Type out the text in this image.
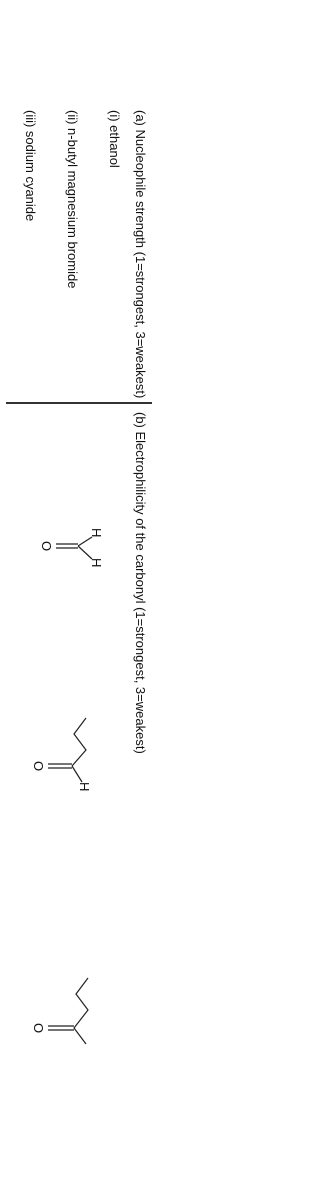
(a) Nucleophile strength (1=strongest, 3=weakest)
(i) ethanol
(ii) n-butyl magnesium bromide
(iii) sodium cyanide
(b) Electrophilicity of the carbonyl (1=strongest, 3=weakest)
H
H
O
H
O
O
